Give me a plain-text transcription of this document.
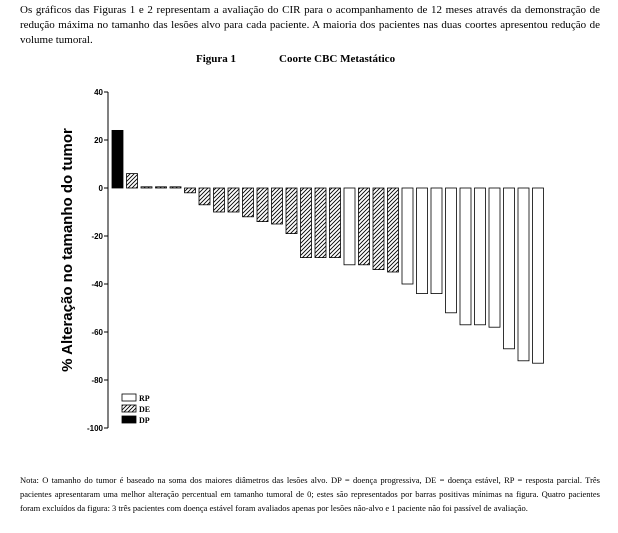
Os gráficos das Figuras 1 e 2 representam a avaliação do CIR para o acompanhamento de 12 meses através da demonstração de redução máxima no tamanho das lesões alvo para cada paciente. A maioria dos pacientes nas duas coortes apresentou redução de volume tumoral.

Figura 1	Coorte CBC Metastático
40
20
0
-20
-40
-60
-80
-100
RP
DE
DP
% Alteração no tamanho do tumor

Nota: O tamanho do tumor é baseado na soma dos maiores diâmetros das lesões alvo. DP = doença progressiva, DE = doença estável, RP = resposta parcial. Três pacientes apresentaram uma melhor alteração percentual em tamanho tumoral de 0; estes são representados por barras positivas mínimas na figura. Quatro pacientes foram excluídos da figura: 3 três pacientes com doença estável foram avaliados apenas por lesões não-alvo e 1 paciente não foi passível de avaliação.
